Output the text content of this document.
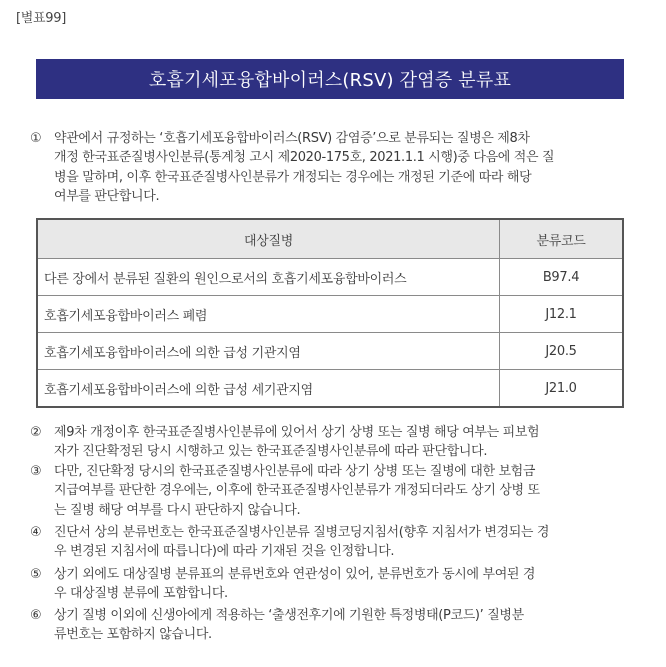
[별표99]
호흡기세포융합바이러스(RSV) 감염증 분류표
① 약관에서 규정하는 ‘호흡기세포융합바이러스(RSV) 감염증’으로 분류되는 질병은 제8차
개정 한국표준질병사인분류(통계청 고시 제2020-175호, 2021.1.1 시행)중 다음에 적은 질
병을 말하며, 이후 한국표준질병사인분류가 개정되는 경우에는 개정된 기준에 따라 해당
여부를 판단합니다.
대상질병	분류코드
다른 장에서 분류된 질환의 원인으로서의 호흡기세포융합바이러스	B97.4
호흡기세포융합바이러스 폐렴	J12.1
호흡기세포융합바이러스에 의한 급성 기관지염	J20.5
호흡기세포융합바이러스에 의한 급성 세기관지염	J21.0
② 제9차 개정이후 한국표준질병사인분류에 있어서 상기 상병 또는 질병 해당 여부는 피보험
자가 진단확정된 당시 시행하고 있는 한국표준질병사인분류에 따라 판단합니다.
③ 다만, 진단확정 당시의 한국표준질병사인분류에 따라 상기 상병 또는 질병에 대한 보험금
지급여부를 판단한 경우에는, 이후에 한국표준질병사인분류가 개정되더라도 상기 상병 또
는 질병 해당 여부를 다시 판단하지 않습니다.
④ 진단서 상의 분류번호는 한국표준질병사인분류 질병코딩지침서(향후 지침서가 변경되는 경
우 변경된 지침서에 따릅니다)에 따라 기재된 것을 인정합니다.
⑤ 상기 외에도 대상질병 분류표의 분류번호와 연관성이 있어, 분류번호가 동시에 부여된 경
우 대상질병 분류에 포함합니다.
⑥ 상기 질병 이외에 신생아에게 적용하는 ‘출생전후기에 기원한 특정병태(P코드)’ 질병분
류번호는 포함하지 않습니다.
